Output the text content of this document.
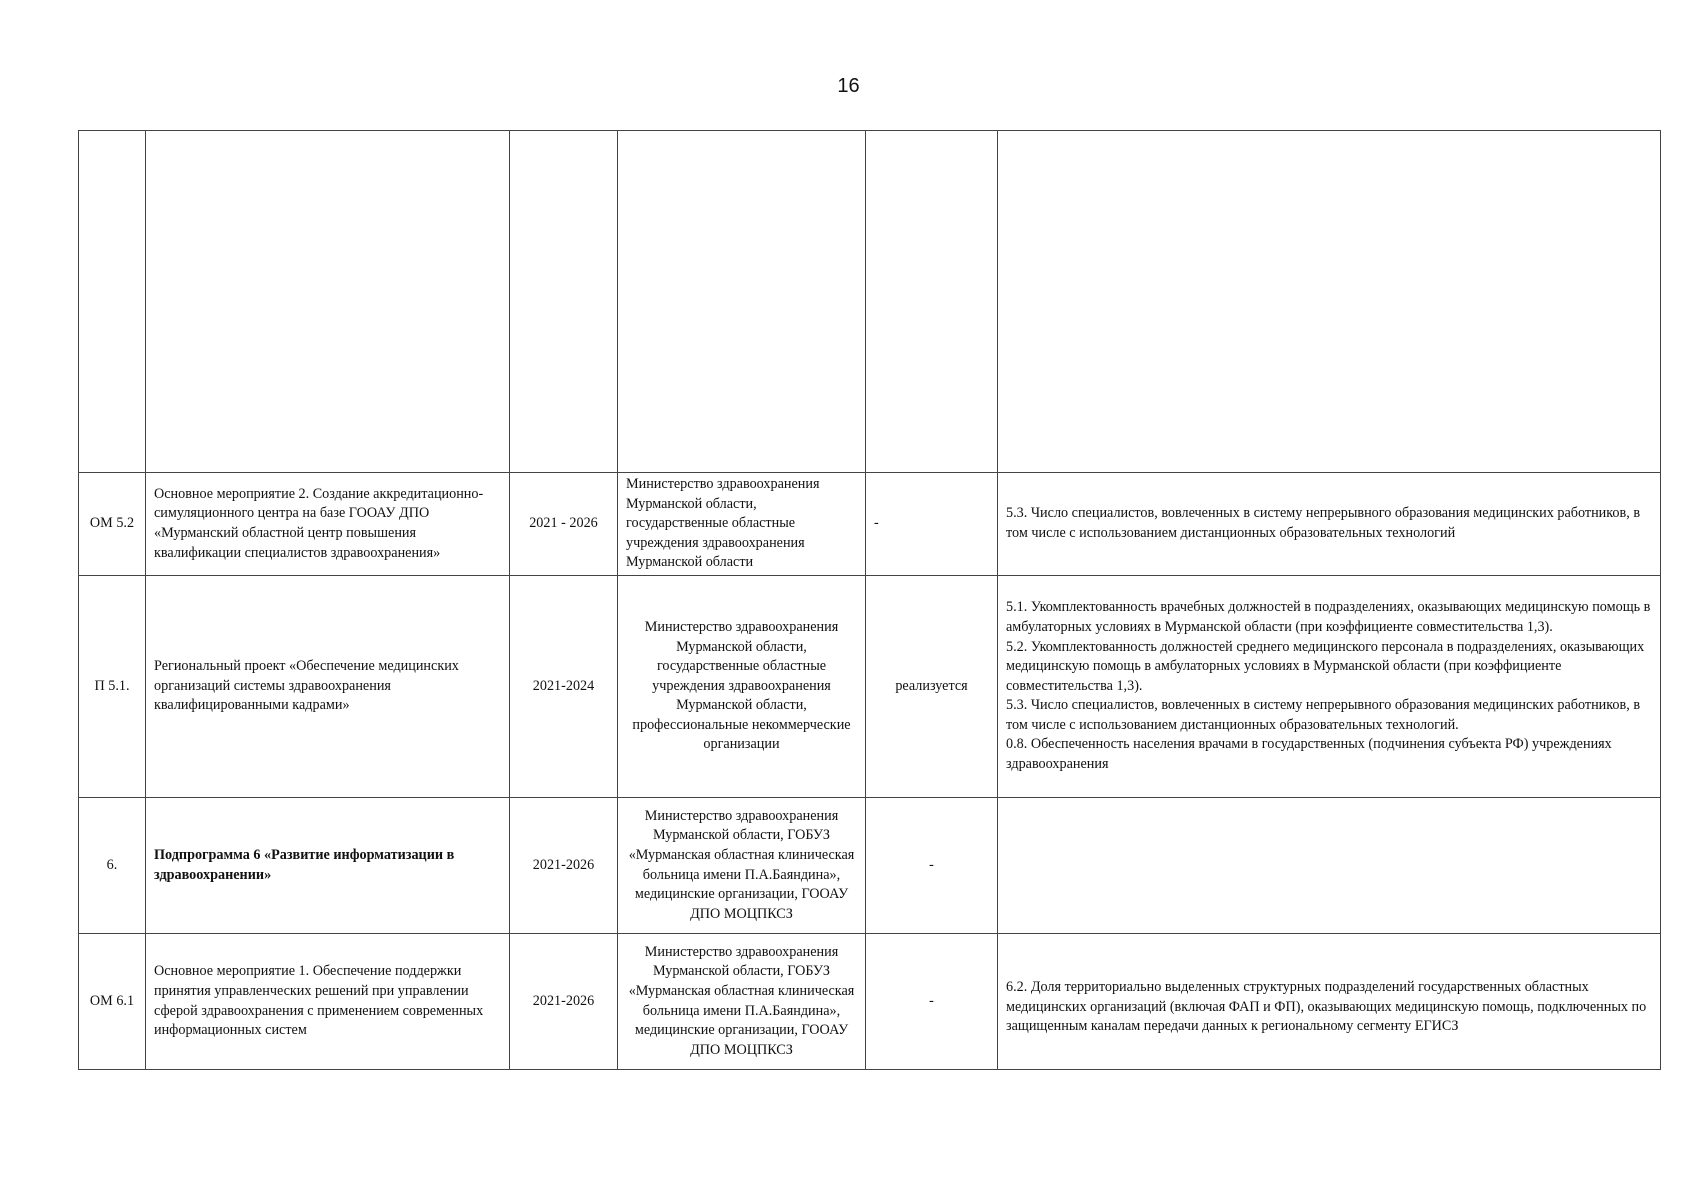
16

ОМ 5.2	Основное мероприятие 2. Создание аккредитационно-симуляционного центра на базе ГООАУ ДПО «Мурманский областной центр повышения квалификации специалистов здравоохранения»	2021 - 2026	Министерство здравоохранения Мурманской области, государственные областные учреждения здравоохранения Мурманской области	-	5.3. Число специалистов, вовлеченных в систему непрерывного образования медицинских работников, в том числе с использованием дистанционных образовательных технологий

П 5.1.	Региональный проект «Обеспечение медицинских организаций системы здравоохранения квалифицированными кадрами»	2021-2024	Министерство здравоохранения Мурманской области, государственные областные учреждения здравоохранения Мурманской области, профессиональные некоммерческие организации	реализуется	5.1. Укомплектованность врачебных должностей в подразделениях, оказывающих медицинскую помощь в амбулаторных условиях в Мурманской области (при коэффициенте совместительства 1,3).
5.2. Укомплектованность должностей среднего медицинского персонала в подразделениях, оказывающих медицинскую помощь в амбулаторных условиях в Мурманской области (при коэффициенте совместительства 1,3).
5.3. Число специалистов, вовлеченных в систему непрерывного образования медицинских работников, в том числе с использованием дистанционных образовательных технологий.
0.8. Обеспеченность населения врачами в государственных (подчинения субъекта РФ) учреждениях здравоохранения

6.	Подпрограмма 6 «Развитие информатизации в здравоохранении»	2021-2026	Министерство здравоохранения Мурманской области, ГОБУЗ «Мурманская областная клиническая больница имени П.А.Баяндина», медицинские организации, ГООАУ ДПО МОЦПКСЗ	-	
ОМ 6.1	Основное мероприятие 1. Обеспечение поддержки принятия управленческих решений при управлении сферой здравоохранения с применением современных информационных систем	2021-2026	Министерство здравоохранения Мурманской области, ГОБУЗ «Мурманская областная клиническая больница имени П.А.Баяндина», медицинские организации, ГООАУ ДПО МОЦПКСЗ	-	6.2. Доля территориально выделенных структурных подразделений государственных областных медицинских организаций (включая ФАП и ФП), оказывающих медицинскую помощь, подключенных по защищенным каналам передачи данных к региональному сегменту ЕГИСЗ
